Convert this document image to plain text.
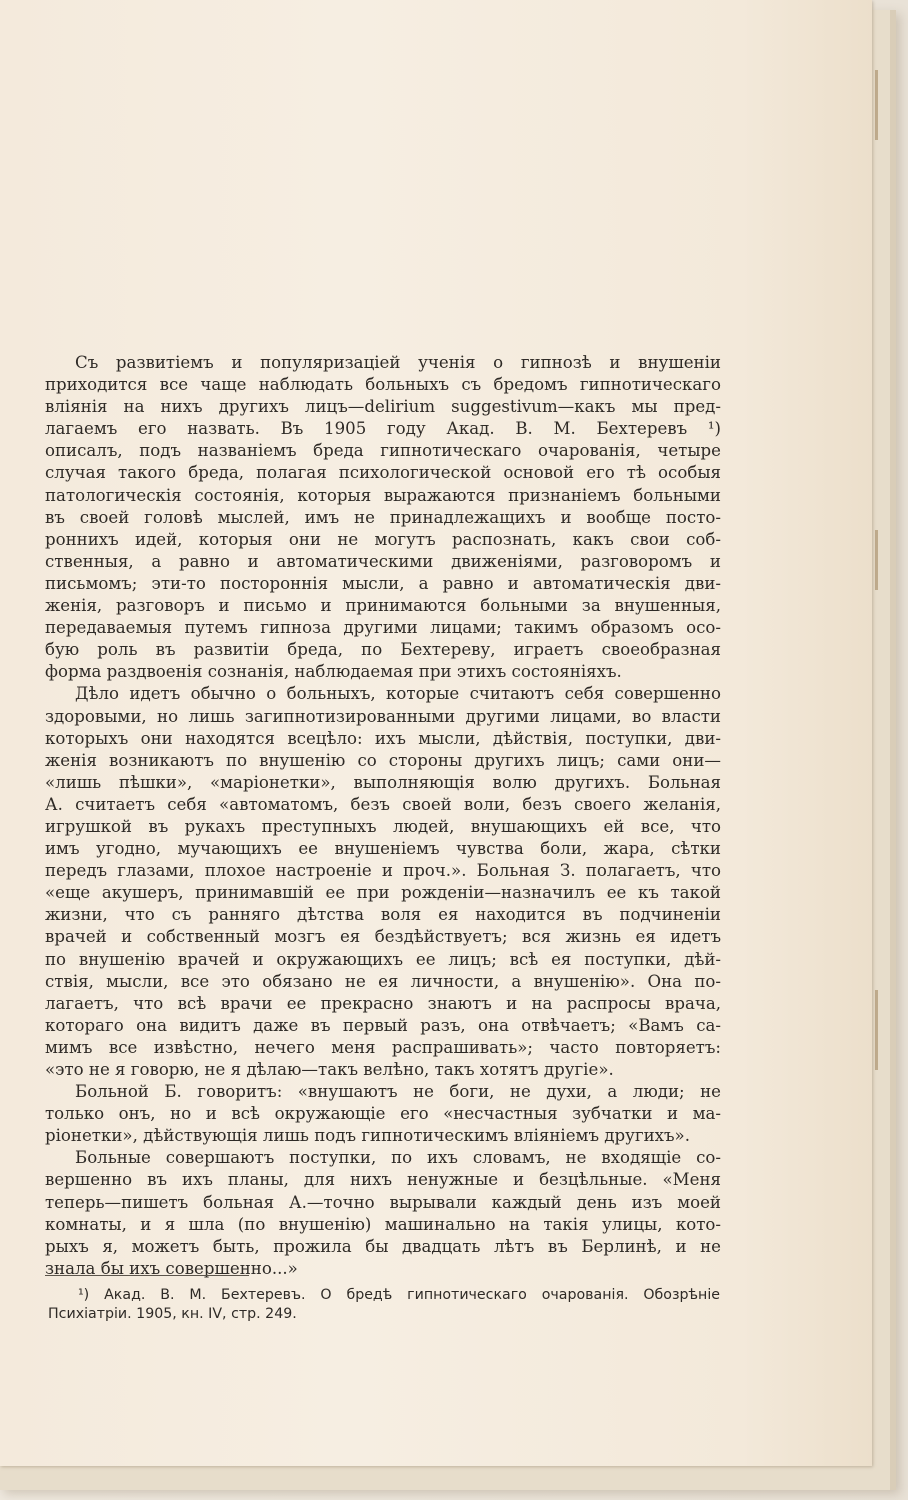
Съ развитіемъ и популяризаціей ученія о гипнозѣ и внушеніи
приходится все чаще наблюдать больныхъ съ бредомъ гипнотическаго
вліянія на нихъ другихъ лицъ—delirium suggestivum—какъ мы пред-
лагаемъ его назвать. Въ 1905 году Акад. В. М. Бехтеревъ ¹)
описалъ, подъ названіемъ бреда гипнотическаго очарованія, четыре
случая такого бреда, полагая психологической основой его тѣ особыя
патологическія состоянія, которыя выражаются признаніемъ больными
въ своей головѣ мыслей, имъ не принадлежащихъ и вообще посто-
роннихъ идей, которыя они не могутъ распознать, какъ свои соб-
ственныя, а равно и автоматическими движеніями, разговоромъ и
письмомъ; эти-то постороннія мысли, а равно и автоматическія дви-
женія, разговоръ и письмо и принимаются больными за внушенныя,
передаваемыя путемъ гипноза другими лицами; такимъ образомъ осо-
бую роль въ развитіи бреда, по Бехтереву, играетъ своеобразная
форма раздвоенія сознанія, наблюдаемая при этихъ состояніяхъ.
Дѣло идетъ обычно о больныхъ, которые считаютъ себя совершенно
здоровыми, но лишь загипнотизированными другими лицами, во власти
которыхъ они находятся всецѣло: ихъ мысли, дѣйствія, поступки, дви-
женія возникаютъ по внушенію со стороны другихъ лицъ; сами они—
«лишь пѣшки», «маріонетки», выполняющія волю другихъ. Больная
А. считаетъ себя «автоматомъ, безъ своей воли, безъ своего желанія,
игрушкой въ рукахъ преступныхъ людей, внушающихъ ей все, что
имъ угодно, мучающихъ ее внушеніемъ чувства боли, жара, сѣтки
передъ глазами, плохое настроеніе и проч.». Больная З. полагаетъ, что
«еще акушеръ, принимавшій ее при рожденіи—назначилъ ее къ такой
жизни, что съ ранняго дѣтства воля ея находится въ подчиненіи
врачей и собственный мозгъ ея бездѣйствуетъ; вся жизнь ея идетъ
по внушенію врачей и окружающихъ ее лицъ; всѣ ея поступки, дѣй-
ствія, мысли, все это обязано не ея личности, а внушенію». Она по-
лагаетъ, что всѣ врачи ее прекрасно знаютъ и на распросы врача,
котораго она видитъ даже въ первый разъ, она отвѣчаетъ; «Вамъ са-
мимъ все извѣстно, нечего меня распрашивать»; часто повторяетъ:
«это не я говорю, не я дѣлаю—такъ велѣно, такъ хотятъ другіе».
Больной Б. говоритъ: «внушаютъ не боги, не духи, а люди; не
только онъ, но и всѣ окружающіе его «несчастныя зубчатки и ма-
ріонетки», дѣйствующія лишь подъ гипнотическимъ вліяніемъ другихъ».
Больные совершаютъ поступки, по ихъ словамъ, не входящіе со-
вершенно въ ихъ планы, для нихъ ненужные и безцѣльные. «Меня
теперь—пишетъ больная А.—точно вырывали каждый день изъ моей
комнаты, и я шла (по внушенію) машинально на такія улицы, кото-
рыхъ я, можетъ быть, прожила бы двадцать лѣтъ въ Берлинѣ, и не
знала бы ихъ совершенно...»
¹) Акад. В. М. Бехтеревъ. О бредѣ гипнотическаго очарованія. Обозрѣніе
Психіатріи. 1905, кн. IV, стр. 249.
